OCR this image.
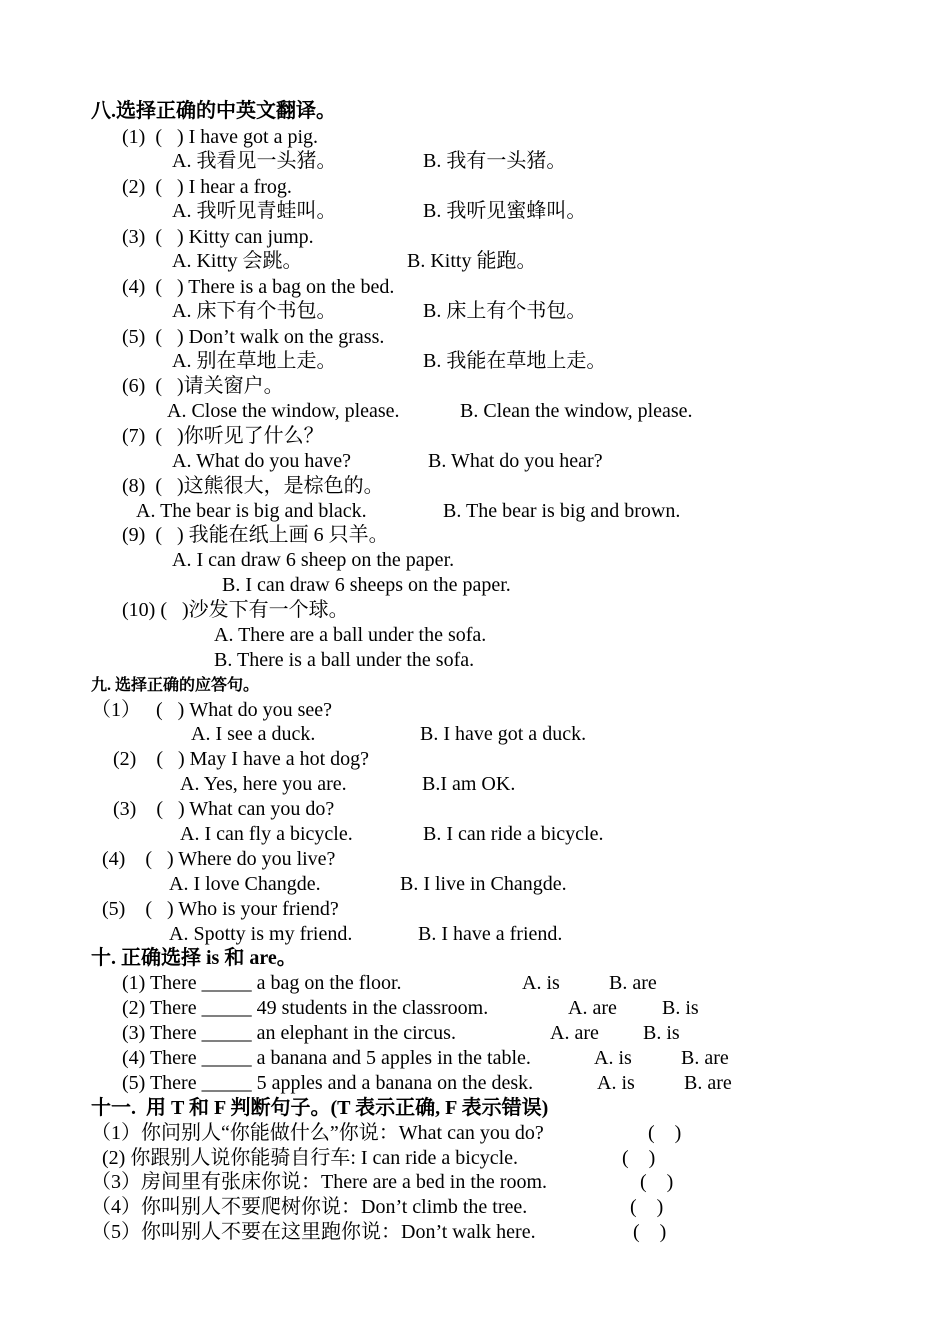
八.选择正确的中英文翻译。
(1)  (   ) I have got a pig.
A. 我看见一头猪。	B. 我有一头猪。
(2)  (   ) I hear a frog.
A. 我听见青蛙叫。	B. 我听见蜜蜂叫。
(3)  (   ) Kitty can jump.
A. Kitty 会跳。	B. Kitty 能跑。
(4)  (   ) There is a bag on the bed.
A. 床下有个书包。	B. 床上有个书包。
(5)  (   ) Don’t walk on the grass.
A. 别在草地上走。	B. 我能在草地上走。
(6)  (   )请关窗户。
A. Close the window, please.	B. Clean the window, please.
(7)  (   )你听见了什么？
A. What do you have?	B. What do you hear?
(8)  (   )这熊很大，是棕色的。
A. The bear is big and black.	B. The bear is big and brown.
(9)  (   ) 我能在纸上画 6 只羊。
A. I can draw 6 sheep on the paper.
B. I can draw 6 sheeps on the paper.
(10) (   )沙发下有一个球。
A. There are a ball under the sofa.
B. There is a ball under the sofa.
九. 选择正确的应答句。
（1）   (   ) What do you see?
A. I see a duck.	B. I have got a duck.
(2)    (   ) May I have a hot dog?
A. Yes, here you are.	B.I am OK.
(3)    (   ) What can you do?
A. I can fly a bicycle.	B. I can ride a bicycle.
(4)    (   ) Where do you live?
A. I love Changde.	B. I live in Changde.
(5)    (   ) Who is your friend?
A. Spotty is my friend.	B. I have a friend.
十. 正确选择 is 和 are。
(1) There _____ a bag on the floor.	A. is B. are
(2) There _____ 49 students in the classroom.	A. are B. is
(3) There _____ an elephant in the circus.	A. are B. is
(4) There _____ a banana and 5 apples in the table.	A. is B. are
(5) There _____ 5 apples and a banana on the desk.	A. is B. are
十一.  用 T 和 F 判断句子。(T 表示正确, F 表示错误)
（1）你问别人“你能做什么”你说：What can you do?	(    )
(2) 你跟别人说你能骑自行车: I can ride a bicycle.	(    )
（3）房间里有张床你说：There are a bed in the room.	(    )
（4）你叫别人不要爬树你说：Don’t climb the tree.	(    )
（5）你叫别人不要在这里跑你说：Don’t walk here.	(    )
